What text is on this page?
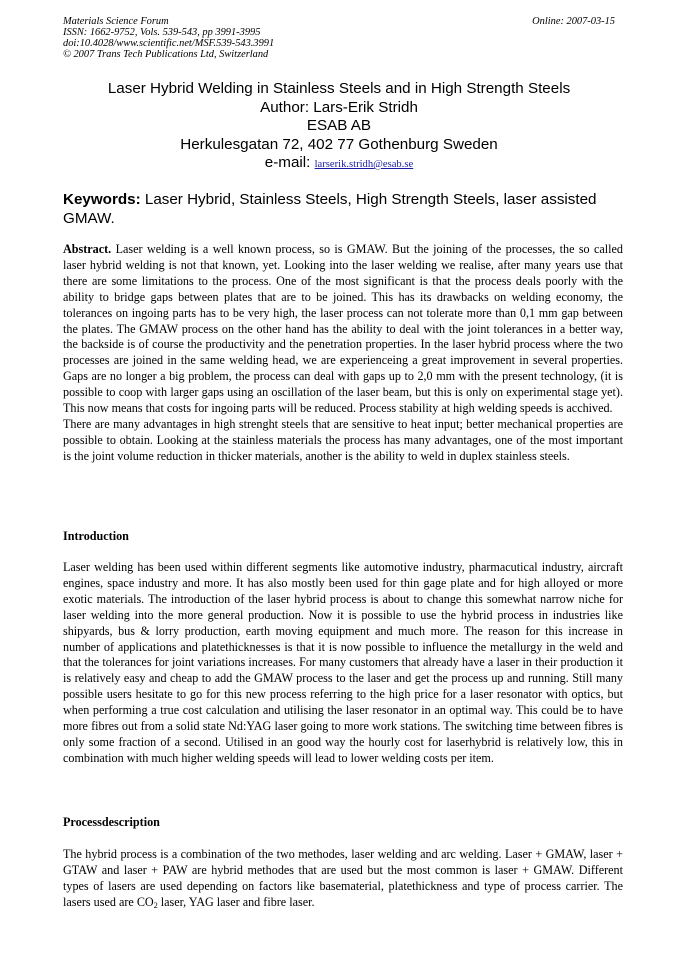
Materials Science Forum
ISSN: 1662-9752, Vols. 539-543, pp 3991-3995
doi:10.4028/www.scientific.net/MSF.539-543.3991
© 2007 Trans Tech Publications Ltd, Switzerland
Online: 2007-03-15
Laser Hybrid Welding in Stainless Steels and in High Strength Steels
Author: Lars-Erik Stridh
ESAB AB
Herkulesgatan 72, 402 77 Gothenburg Sweden
e-mail: larserik.stridh@esab.se
Keywords: Laser Hybrid, Stainless Steels, High Strength Steels, laser assisted GMAW.

Abstract. Laser welding is a well known process, so is GMAW. But the joining of the processes, the so called laser hybrid welding is not that known, yet. Looking into the laser welding we realise, after many years use that there are some limitations to the process. One of the most significant is that the process deals poorly with the ability to bridge gaps between plates that are to be joined. This has its drawbacks on welding economy, the tolerances on ingoing parts has to be very high, the laser process can not tolerate more than 0,1 mm gap between the plates. The GMAW process on the other hand has the ability to deal with the joint tolerances in a better way, the backside is of course the productivity and the penetration properties. In the laser hybrid process where the two processes are joined in the same welding head, we are experienceing a great improvement in several properties. Gaps are no longer a big problem, the process can deal with gaps up to 2,0 mm with the present technology, (it is possible to coop with larger gaps using an oscillation of the laser beam, but this is only on experimental stage yet). This now means that costs for ingoing parts will be reduced. Process stability at high welding speeds is acchived.

There are many advantages in high strenght steels that are sensitive to heat input; better mechanical properties are possible to obtain. Looking at the stainless materials the process has many advantages, one of the most important is the joint volume reduction in thicker materials, another is the ability to weld in duplex stainless steels.

Introduction

Laser welding has been used within different segments like automotive industry, pharmacutical industry, aircraft engines, space industry and more. It has also mostly been used for thin gage plate and for high alloyed or more exotic materials. The introduction of the laser hybrid process is about to change this somewhat narrow niche for laser welding into the more general production. Now it is possible to use the hybrid process in industries like shipyards, bus & lorry production, earth moving equipment and much more. The reason for this increase in number of applications and platethicknesses is that it is now possible to influence the metallurgy in the weld and that the tolerances for joint variations increases. For many customers that already have a laser in their production it is relatively easy and cheap to add the GMAW process to the laser and get the process up and running. Still many possible users hesitate to go for this new process referring to the high price for a laser resonator with optics, but when performing a true cost calculation and utilising the laser resonator in an optimal way. This could be to have more fibres out from a solid state Nd:YAG laser going to more work stations. The switching time between fibres is only some fraction of a second. Utilised in an good way the hourly cost for laserhybrid is relatively low, this in combination with much higher welding speeds will lead to lower welding costs per item.

Processdescription

The hybrid process is a combination of the two methodes, laser welding and arc welding. Laser + GMAW, laser + GTAW and laser + PAW are hybrid methodes that are used but the most common is laser + GMAW. Different types of lasers are used depending on factors like basematerial, platethickness and type of process carrier. The lasers used are $CO_2$ laser, YAG laser and fibre laser.
